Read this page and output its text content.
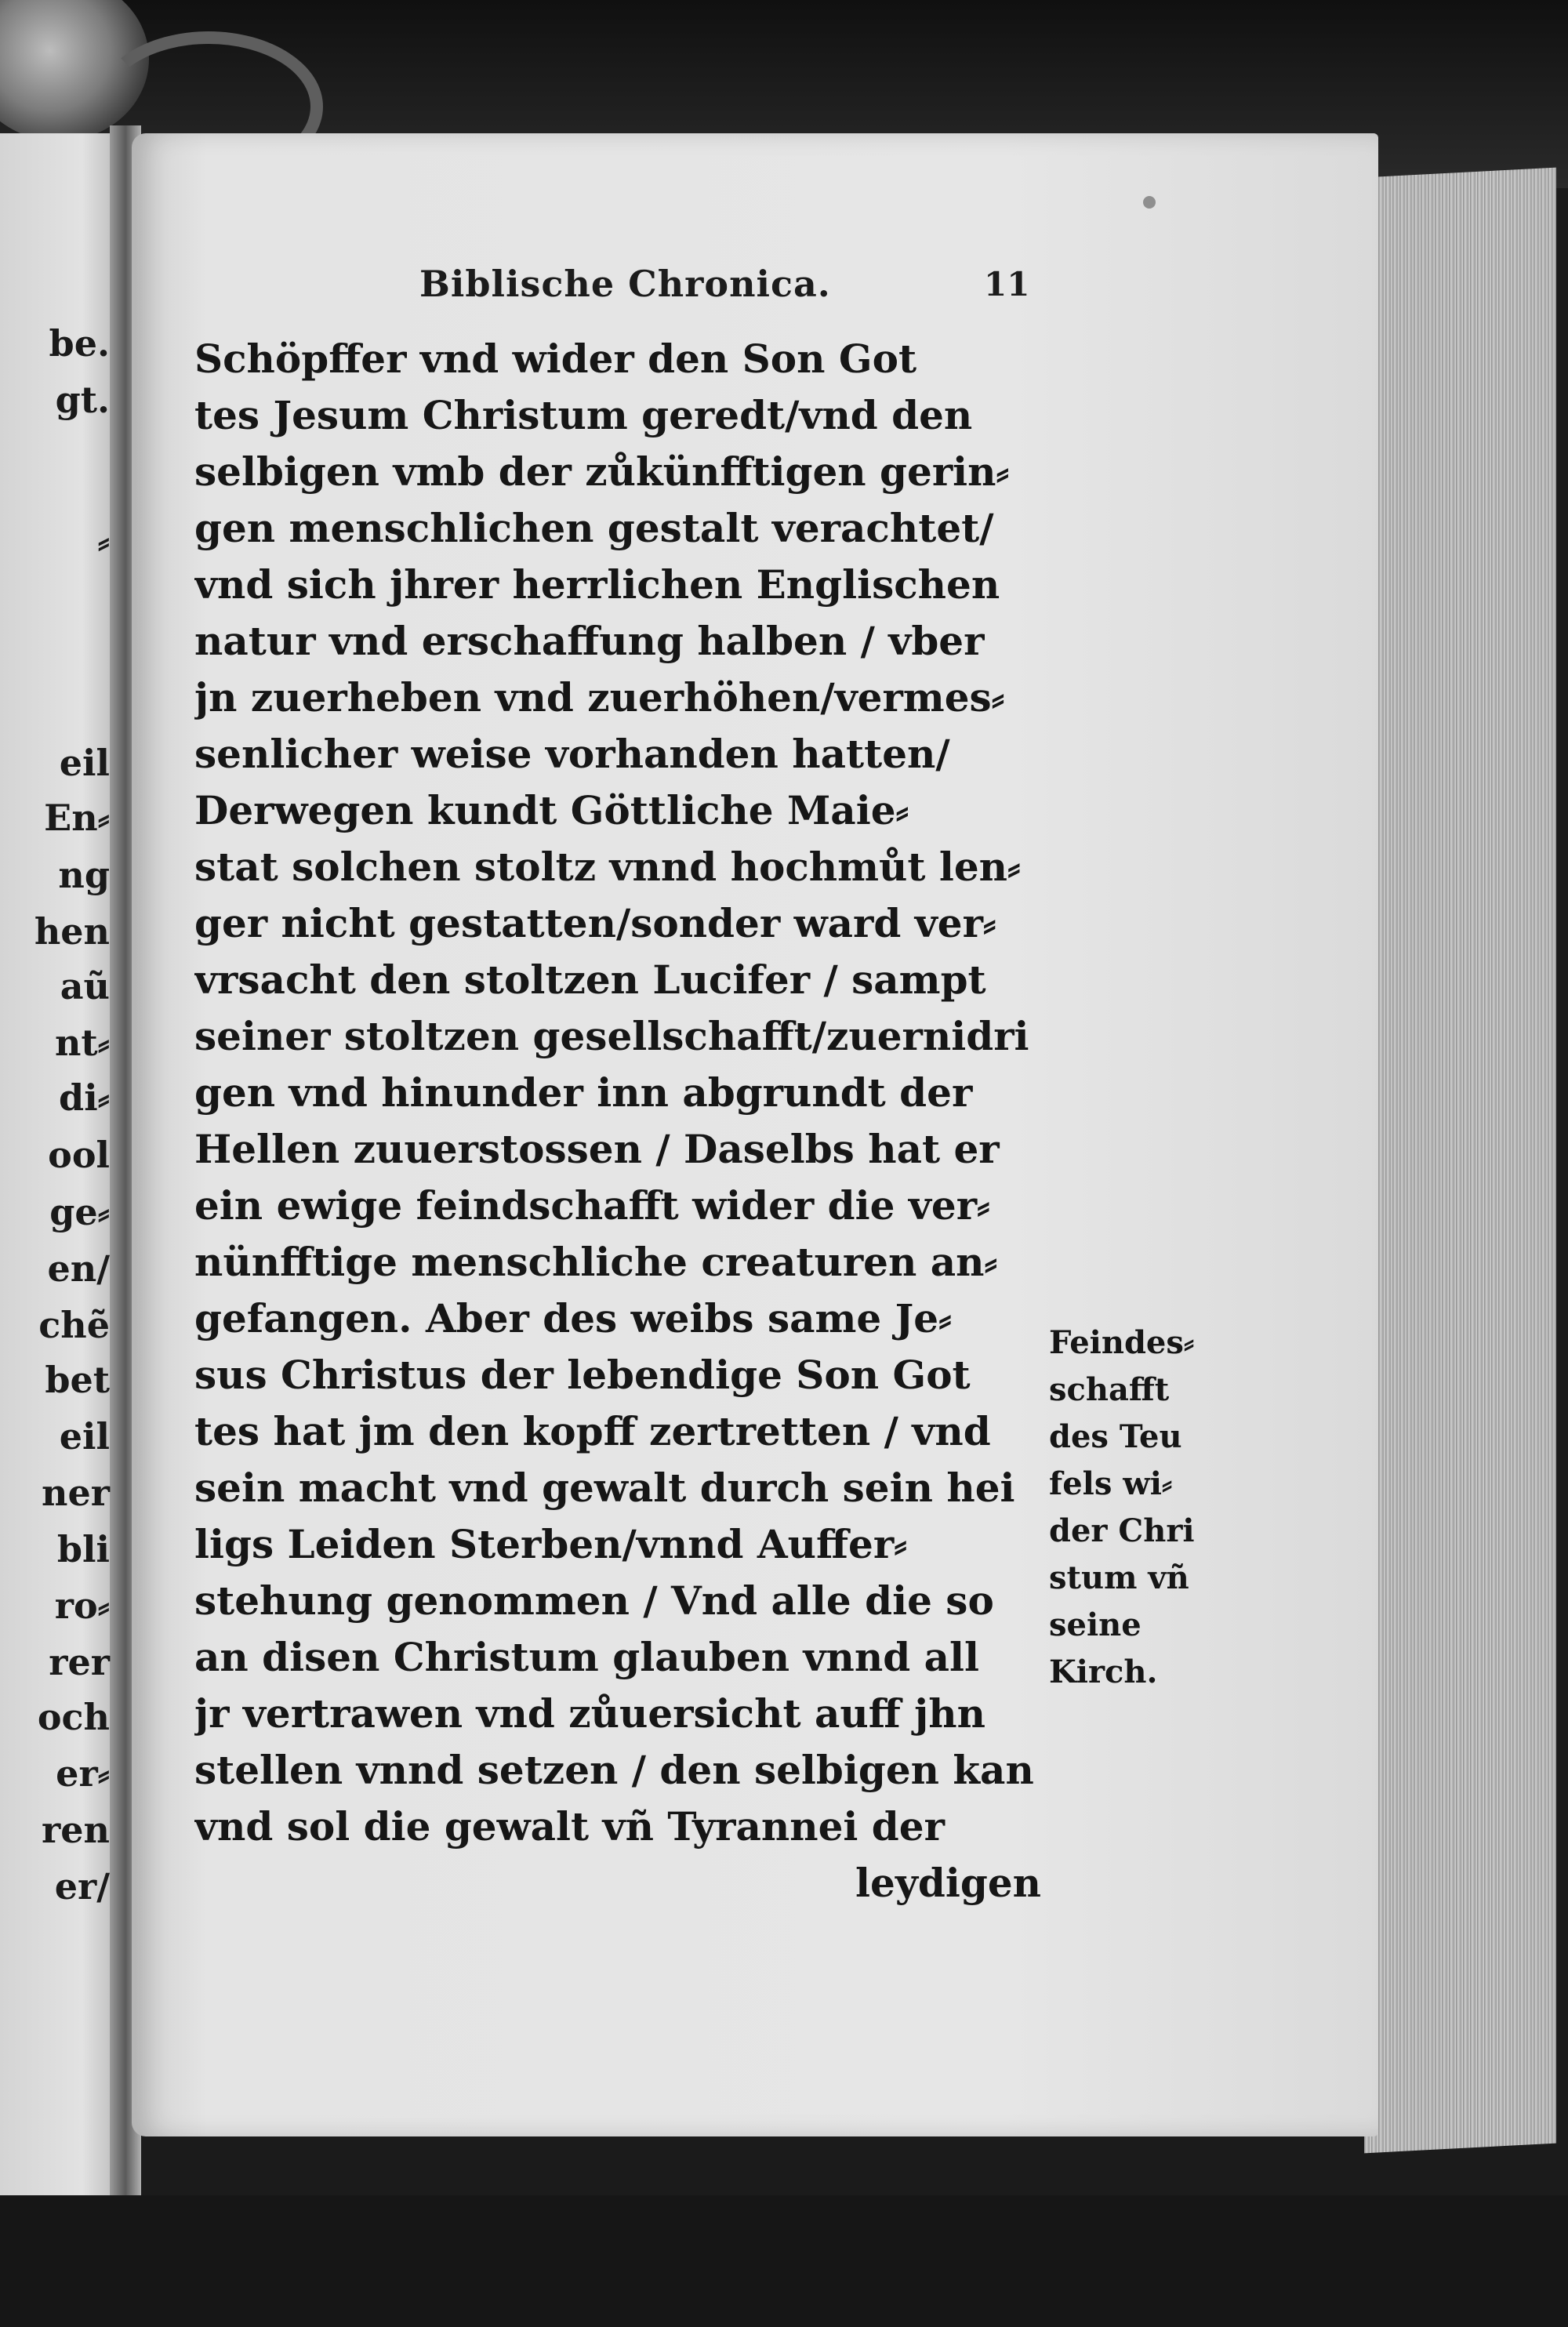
be.
gt.
⸗
eil
En⸗
ng
hen
aũ
nt⸗
di⸗
ool
ge⸗
en/
chẽ
bet
eil
ner
bli
ro⸗
rer
och
er⸗
ren
er/
Biblische Chronica.	11
Schöpffer vnd wider den Son Got
tes Jesum Christum geredt/vnd den
selbigen vmb der zůkünfftigen gerin⸗
gen menschlichen gestalt verachtet/
vnd sich jhrer herrlichen Englischen
natur vnd erschaffung halben / vber
jn zuerheben vnd zuerhöhen/vermes⸗
senlicher weise vorhanden hatten/
Derwegen kundt Göttliche Maie⸗
stat solchen stoltz vnnd hochmůt len⸗
ger nicht gestatten/sonder ward ver⸗
vrsacht den stoltzen Lucifer / sampt
seiner stoltzen gesellschafft/zuernidri
gen vnd hinunder inn abgrundt der
Hellen zuuerstossen / Daselbs hat er
ein ewige feindschafft wider die ver⸗
nünfftige menschliche creaturen an⸗
gefangen. Aber des weibs same Je⸗
sus Christus der lebendige Son Got
tes hat jm den kopff zertretten / vnd
sein macht vnd gewalt durch sein hei
ligs Leiden Sterben/vnnd Auffer⸗
stehung genommen / Vnd alle die so
an disen Christum glauben vnnd all
jr vertrawen vnd zůuersicht auff jhn
stellen vnnd setzen / den selbigen kan
vnd sol die gewalt vñ Tyrannei der
leydigen
Feindes⸗
schafft
des Teu
fels wi⸗
der Chri
stum vñ
seine
Kirch.
